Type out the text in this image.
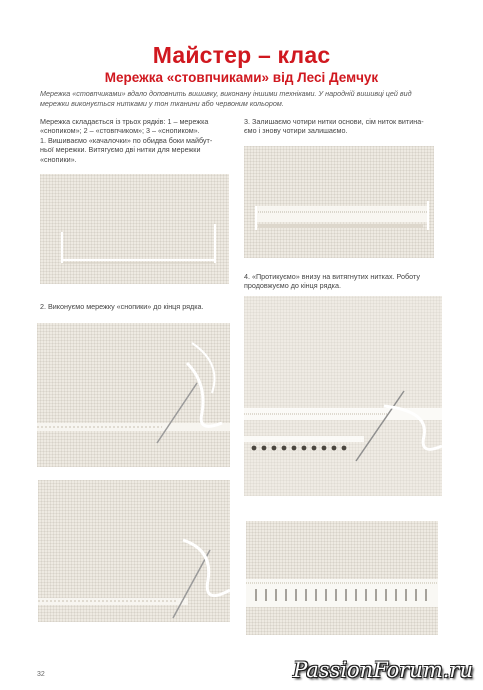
Майстер – клас
Мережка «стовпчиками» від Лесі Демчук
Мережка «стовпчиками» вдало доповнить вишивку, виконану іншими техніками. У народній вишивці цей вид
мережки виконується нитками у тон тканини або червоним кольором.
Мережка складається із трьох рядків: 1 – мережка
«снопиком»; 2 – «стовпчиком»; 3 – «снопиком».
1. Вишиваємо «качалочки» по обидва боки майбут-
ньої мережки. Витягуємо дві нитки для мережки
«снопики».
2. Виконуємо мережку «снопики» до кінця рядка.
3. Залишаємо чотири нитки основи, сім ниток витина-
ємо і знову чотири залишаємо.
4. «Протикуємо» внизу на витягнутих нитках. Роботу
продовжуємо до кінця рядка.
32	PassionForum.ru
